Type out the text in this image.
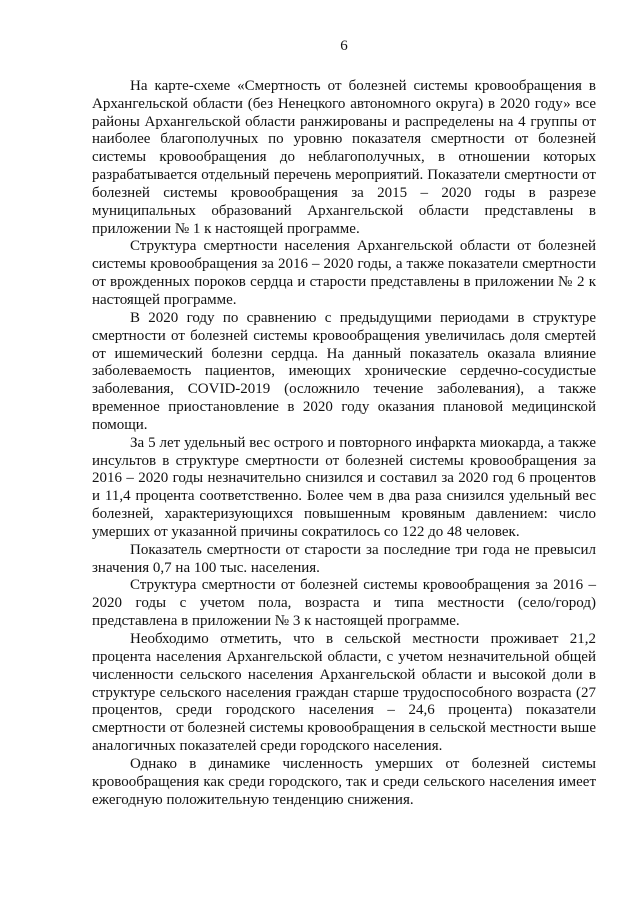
6

На карте-схеме «Смертность от болезней системы кровообращения в Архангельской области (без Ненецкого автономного округа) в 2020 году» все районы Архангельской области ранжированы и распределены на 4 группы от наиболее благополучных по уровню показателя смертности от болезней системы кровообращения до неблагополучных, в отношении которых разрабатывается отдельный перечень мероприятий. Показатели смертности от болезней системы кровообращения за 2015 – 2020 годы в разрезе муниципальных образований Архангельской области представлены в приложении № 1 к настоящей программе.

Структура смертности населения Архангельской области от болезней системы кровообращения за 2016 – 2020 годы, а также показатели смертности от врожденных пороков сердца и старости представлены в приложении № 2 к настоящей программе.

В 2020 году по сравнению с предыдущими периодами в структуре смертности от болезней системы кровообращения увеличилась доля смертей от ишемический болезни сердца. На данный показатель оказала влияние заболеваемость пациентов, имеющих хронические сердечно-сосудистые заболевания, COVID-2019 (осложнило течение заболевания), а также временное приостановление в 2020 году оказания плановой медицинской помощи.

За 5 лет удельный вес острого и повторного инфаркта миокарда, а также инсультов в структуре смертности от болезней системы кровообращения за 2016 – 2020 годы незначительно снизился и составил за 2020 год 6 процентов и 11,4 процента соответственно. Более чем в два раза снизился удельный вес болезней, характеризующихся повышенным кровяным давлением: число умерших от указанной причины сократилось со 122 до 48 человек.

Показатель смертности от старости за последние три года не превысил значения 0,7 на 100 тыс. населения.

Структура смертности от болезней системы кровообращения за 2016 – 2020 годы с учетом пола, возраста и типа местности (село/город) представлена в приложении № 3 к настоящей программе.

Необходимо отметить, что в сельской местности проживает 21,2 процента населения Архангельской области, с учетом незначительной общей численности сельского населения Архангельской области и высокой доли в структуре сельского населения граждан старше трудоспособного возраста (27 процентов, среди городского населения – 24,6 процента) показатели смертности от болезней системы кровообращения в сельской местности выше аналогичных показателей среди городского населения.

Однако в динамике численность умерших от болезней системы кровообращения как среди городского, так и среди сельского населения имеет ежегодную положительную тенденцию снижения.
